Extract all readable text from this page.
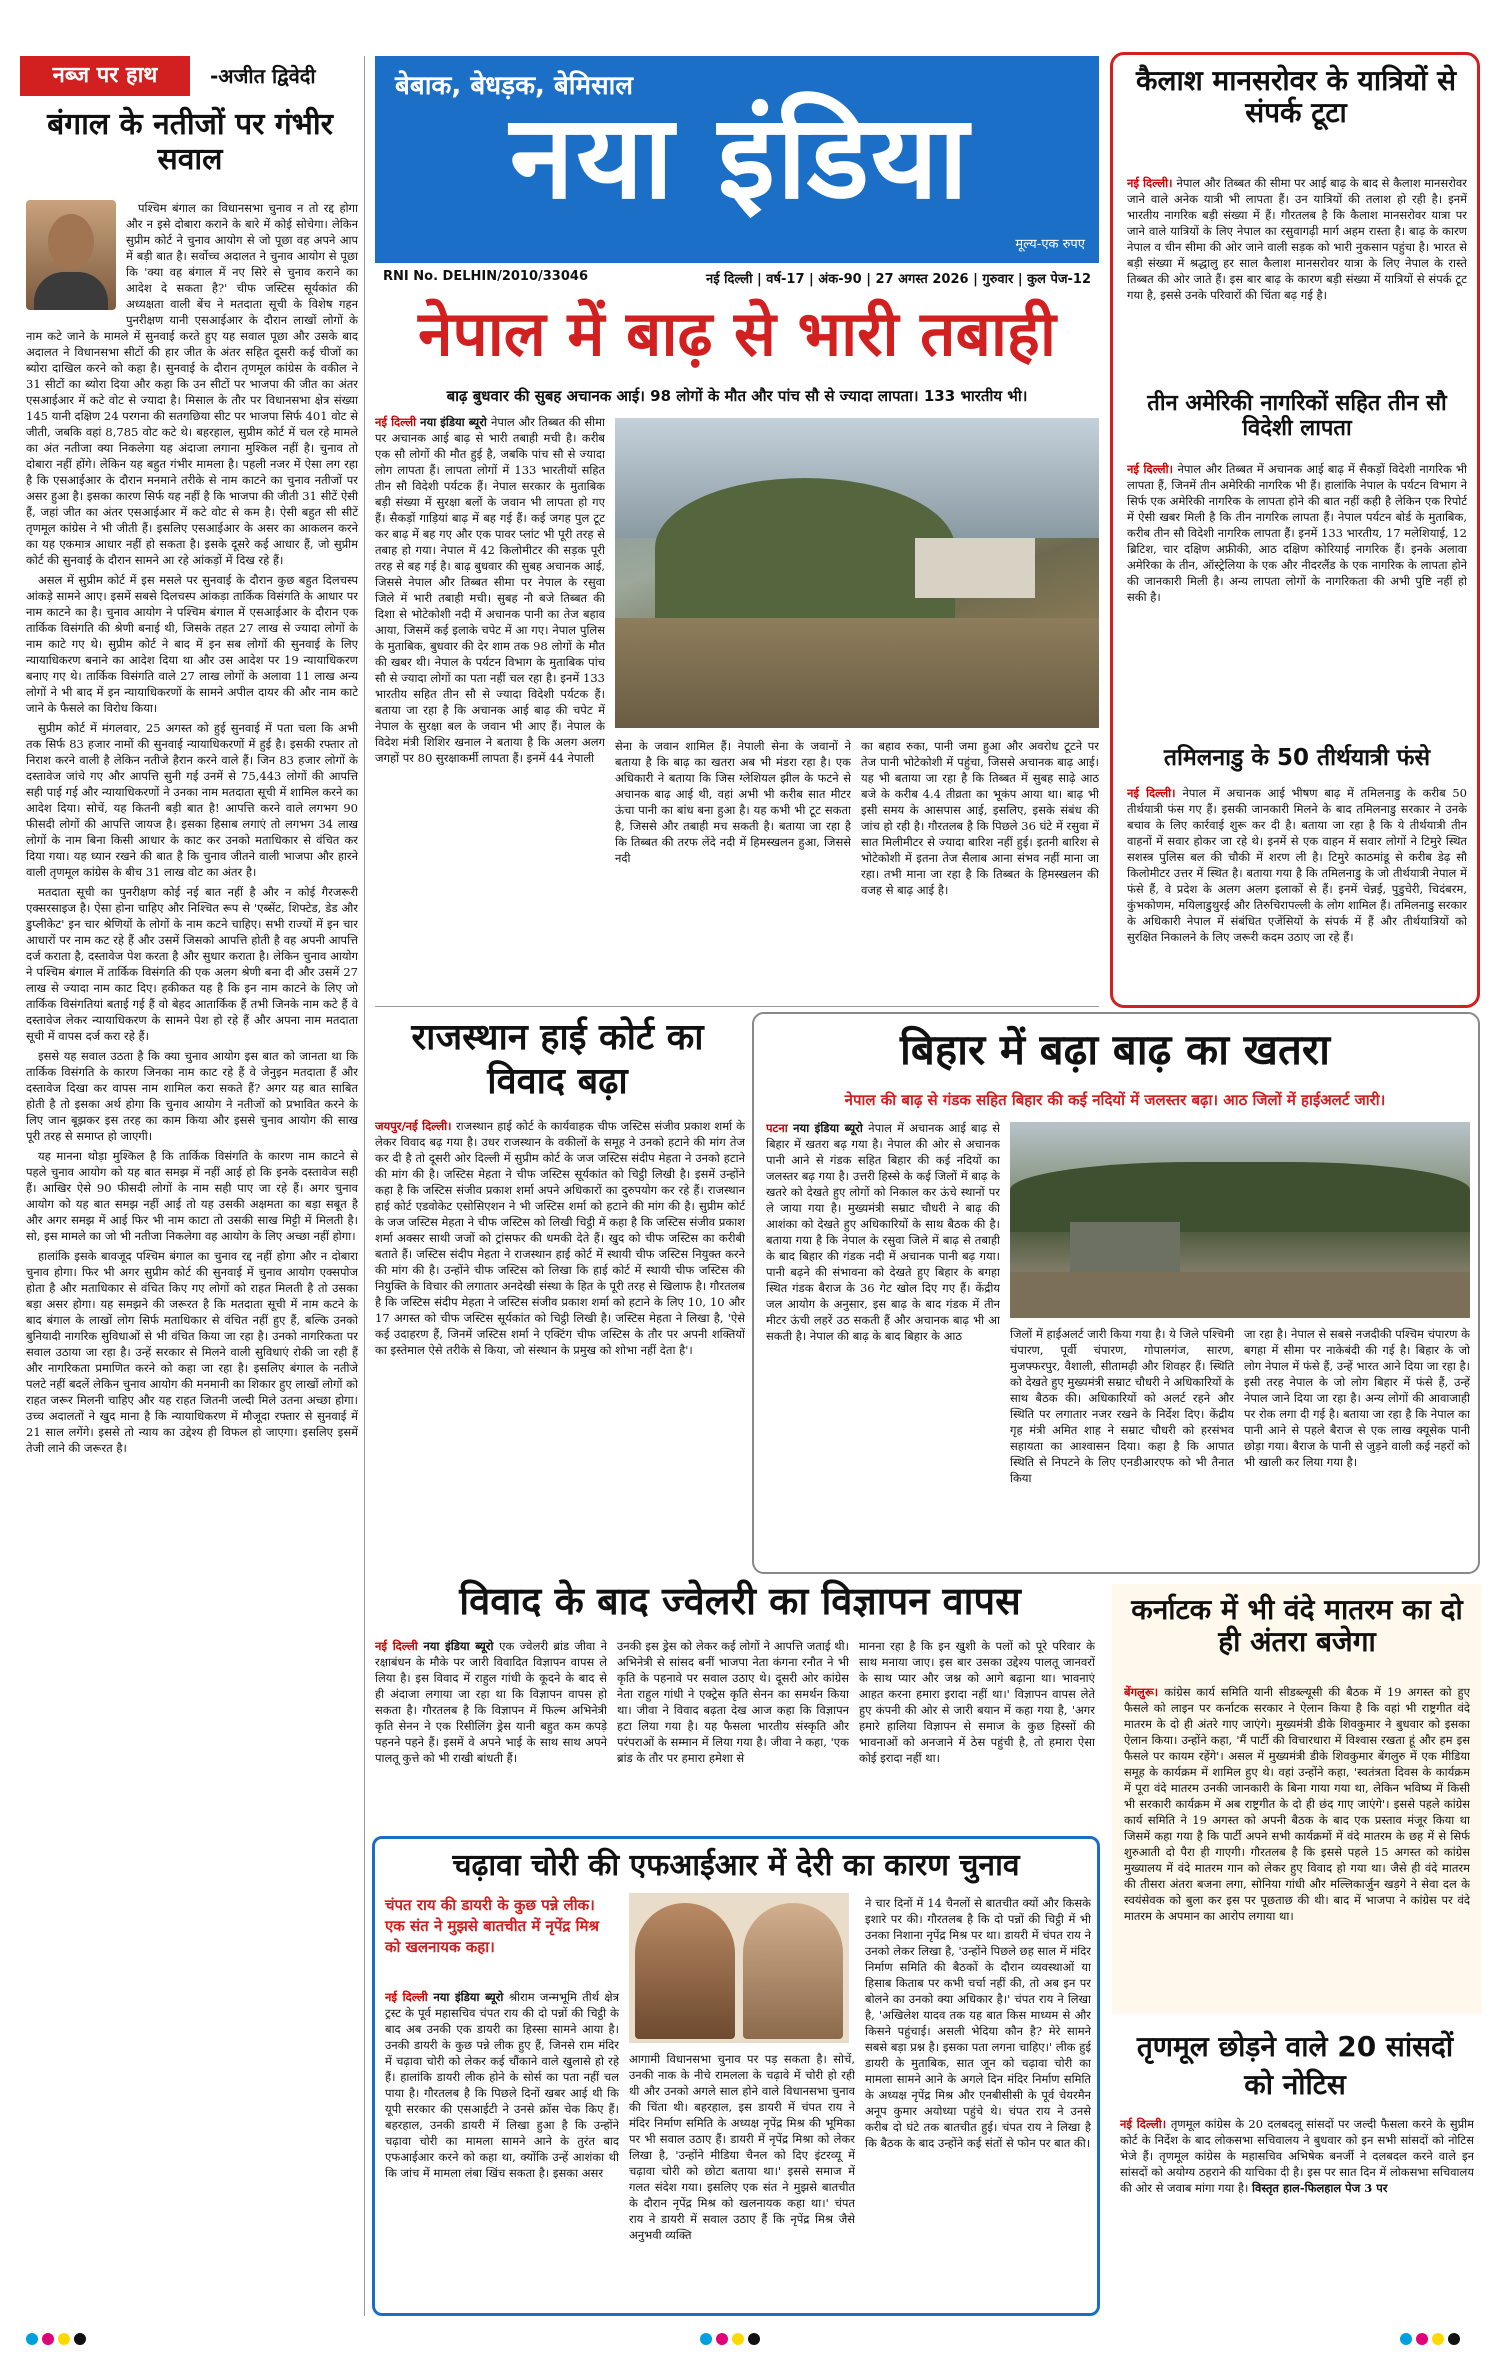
बेबाक, बेधड़क, बेमिसाल
नया इंडिया
मूल्य-एक रुपए
RNI No. DELHIN/2010/33046	नई दिल्ली | वर्ष-17 | अंक-90 | 27 अगस्त 2026 | गुरुवार | कुल पेज-12
नब्ज पर हाथ	-अजीत द्विवेदी
बंगाल के नतीजों पर गंभीर सवाल

पश्चिम बंगाल का विधानसभा चुनाव न तो रद्द होगा और न इसे दोबारा कराने के बारे में कोई सोचेगा। लेकिन सुप्रीम कोर्ट ने चुनाव आयोग से जो पूछा वह अपने आप में बड़ी बात है। सर्वोच्च अदालत ने चुनाव आयोग से पूछा कि 'क्या वह बंगाल में नए सिरे से चुनाव कराने का आदेश दे सकता है?' चीफ जस्टिस सूर्यकांत की अध्यक्षता वाली बेंच ने मतदाता सूची के विशेष गहन पुनरीक्षण यानी एसआईआर के दौरान लाखों लोगों के नाम कटे जाने के मामले में सुनवाई करते हुए यह सवाल पूछा और उसके बाद अदालत ने विधानसभा सीटों की हार जीत के अंतर सहित दूसरी कई चीजों का ब्योरा दाखिल करने को कहा है। सुनवाई के दौरान तृणमूल कांग्रेस के वकील ने 31 सीटों का ब्योरा दिया और कहा कि उन सीटों पर भाजपा की जीत का अंतर एसआईआर में कटे वोट से ज्यादा है। मिसाल के तौर पर विधानसभा क्षेत्र संख्या 145 यानी दक्षिण 24 परगना की सतगछिया सीट पर भाजपा सिर्फ 401 वोट से जीती, जबकि वहां 8,785 वोट कटे थे। बहरहाल, सुप्रीम कोर्ट में चल रहे मामले का अंत नतीजा क्या निकलेगा यह अंदाजा लगाना मुश्किल नहीं है। चुनाव तो दोबारा नहीं होंगे। लेकिन यह बहुत गंभीर मामला है। पहली नजर में ऐसा लग रहा है कि एसआईआर के दौरान मनमाने तरीके से नाम काटने का चुनाव नतीजों पर असर हुआ है। इसका कारण सिर्फ यह नहीं है कि भाजपा की जीती 31 सीटें ऐसी हैं, जहां जीत का अंतर एसआईआर में कटे वोट से कम है। ऐसी बहुत सी सीटें तृणमूल कांग्रेस ने भी जीती हैं। इसलिए एसआईआर के असर का आकलन करने का यह एकमात्र आधार नहीं हो सकता है। इसके दूसरे कई आधार हैं, जो सुप्रीम कोर्ट की सुनवाई के दौरान सामने आ रहे आंकड़ों में दिख रहे हैं।

असल में सुप्रीम कोर्ट में इस मसले पर सुनवाई के दौरान कुछ बहुत दिलचस्प आंकड़े सामने आए। इसमें सबसे दिलचस्प आंकड़ा तार्किक विसंगति के आधार पर नाम काटने का है। चुनाव आयोग ने पश्चिम बंगाल में एसआईआर के दौरान एक तार्किक विसंगति की श्रेणी बनाई थी, जिसके तहत 27 लाख से ज्यादा लोगों के नाम काटे गए थे। सुप्रीम कोर्ट ने बाद में इन सब लोगों की सुनवाई के लिए न्यायाधिकरण बनाने का आदेश दिया था और उस आदेश पर 19 न्यायाधिकरण बनाए गए थे। तार्किक विसंगति वाले 27 लाख लोगों के अलावा 11 लाख अन्य लोगों ने भी बाद में इन न्यायाधिकरणों के सामने अपील दायर की और नाम काटे जाने के फैसले का विरोध किया।

सुप्रीम कोर्ट में मंगलवार, 25 अगस्त को हुई सुनवाई में पता चला कि अभी तक सिर्फ 83 हजार नामों की सुनवाई न्यायाधिकरणों में हुई है। इसकी रफ्तार तो निराश करने वाली है लेकिन नतीजे हैरान करने वाले हैं। जिन 83 हजार लोगों के दस्तावेज जांचे गए और आपत्ति सुनी गई उनमें से 75,443 लोगों की आपत्ति सही पाई गई और न्यायाधिकरणों ने उनका नाम मतदाता सूची में शामिल करने का आदेश दिया। सोचें, यह कितनी बड़ी बात है! आपत्ति करने वाले लगभग 90 फीसदी लोगों की आपत्ति जायज है। इसका हिसाब लगाएं तो लगभग 34 लाख लोगों के नाम बिना किसी आधार के काट कर उनको मताधिकार से वंचित कर दिया गया। यह ध्यान रखने की बात है कि चुनाव जीतने वाली भाजपा और हारने वाली तृणमूल कांग्रेस के बीच 31 लाख वोट का अंतर है।

मतदाता सूची का पुनरीक्षण कोई नई बात नहीं है और न कोई गैरजरूरी एक्सरसाइज है। ऐसा होना चाहिए और निश्चित रूप से 'एब्सेंट, शिफ्टेड, डेड और डुप्लीकेट' इन चार श्रेणियों के लोगों के नाम कटने चाहिए। सभी राज्यों में इन चार आधारों पर नाम कट रहे हैं और उसमें जिसको आपत्ति होती है वह अपनी आपत्ति दर्ज कराता है, दस्तावेज पेश करता है और सुधार कराता है। लेकिन चुनाव आयोग ने पश्चिम बंगाल में तार्किक विसंगति की एक अलग श्रेणी बना दी और उसमें 27 लाख से ज्यादा नाम काट दिए। हकीकत यह है कि इन नाम काटने के लिए जो तार्किक विसंगतियां बताई गई हैं वो बेहद आतार्किक हैं तभी जिनके नाम कटे हैं वे दस्तावेज लेकर न्यायाधिकरण के सामने पेश हो रहे हैं और अपना नाम मतदाता सूची में वापस दर्ज करा रहे हैं।

इससे यह सवाल उठता है कि क्या चुनाव आयोग इस बात को जानता था कि तार्किक विसंगति के कारण जिनका नाम काट रहे हैं वे जेनुइन मतदाता हैं और दस्तावेज दिखा कर वापस नाम शामिल करा सकते हैं? अगर यह बात साबित होती है तो इसका अर्थ होगा कि चुनाव आयोग ने नतीजों को प्रभावित करने के लिए जान बूझकर इस तरह का काम किया और इससे चुनाव आयोग की साख पूरी तरह से समाप्त हो जाएगी।

यह मानना थोड़ा मुश्किल है कि तार्किक विसंगति के कारण नाम काटने से पहले चुनाव आयोग को यह बात समझ में नहीं आई हो कि इनके दस्तावेज सही हैं। आखिर ऐसे 90 फीसदी लोगों के नाम सही पाए जा रहे हैं। अगर चुनाव आयोग को यह बात समझ नहीं आई तो यह उसकी अक्षमता का बड़ा सबूत है और अगर समझ में आई फिर भी नाम काटा तो उसकी साख मिट्टी में मिलती है। सो, इस मामले का जो भी नतीजा निकलेगा वह आयोग के लिए अच्छा नहीं होगा।

हालांकि इसके बावजूद पश्चिम बंगाल का चुनाव रद्द नहीं होगा और न दोबारा चुनाव होगा। फिर भी अगर सुप्रीम कोर्ट की सुनवाई में चुनाव आयोग एक्सपोज होता है और मताधिकार से वंचित किए गए लोगों को राहत मिलती है तो उसका बड़ा असर होगा। यह समझने की जरूरत है कि मतदाता सूची में नाम कटने के बाद बंगाल के लाखों लोग सिर्फ मताधिकार से वंचित नहीं हुए हैं, बल्कि उनको बुनियादी नागरिक सुविधाओं से भी वंचित किया जा रहा है। उनको नागरिकता पर सवाल उठाया जा रहा है। उन्हें सरकार से मिलने वाली सुविधाएं रोकी जा रही हैं और नागरिकता प्रमाणित करने को कहा जा रहा है। इसलिए बंगाल के नतीजे पलटे नहीं बदलें लेकिन चुनाव आयोग की मनमानी का शिकार हुए लाखों लोगों को राहत जरूर मिलनी चाहिए और यह राहत जितनी जल्दी मिले उतना अच्छा होगा। उच्च अदालतों ने खुद माना है कि न्यायाधिकरण में मौजूदा रफ्तार से सुनवाई में 21 साल लगेंगे। इससे तो न्याय का उद्देश्य ही विफल हो जाएगा। इसलिए इसमें तेजी लाने की जरूरत है।

कैलाश मानसरोवर के यात्रियों से संपर्क टूटा
नई दिल्ली। नेपाल और तिब्बत की सीमा पर आई बाढ़ के बाद से कैलाश मानसरोवर जाने वाले अनेक यात्री भी लापता हैं। उन यात्रियों की तलाश हो रही है। इनमें भारतीय नागरिक बड़ी संख्या में हैं। गौरतलब है कि कैलाश मानसरोवर यात्रा पर जाने वाले यात्रियों के लिए नेपाल का रसुवागढ़ी मार्ग अहम रास्ता है। बाढ़ के कारण नेपाल व चीन सीमा की ओर जाने वाली सड़क को भारी नुकसान पहुंचा है। भारत से बड़ी संख्या में श्रद्धालु हर साल कैलाश मानसरोवर यात्रा के लिए नेपाल के रास्ते तिब्बत की ओर जाते हैं। इस बार बाढ़ के कारण बड़ी संख्या में यात्रियों से संपर्क टूट गया है, इससे उनके परिवारों की चिंता बढ़ गई है।
तीन अमेरिकी नागरिकों सहित तीन सौ विदेशी लापता
नई दिल्ली। नेपाल और तिब्बत में अचानक आई बाढ़ में सैकड़ों विदेशी नागरिक भी लापता हैं, जिनमें तीन अमेरिकी नागरिक भी हैं। हालांकि नेपाल के पर्यटन विभाग ने सिर्फ एक अमेरिकी नागरिक के लापता होने की बात नहीं कही है लेकिन एक रिपोर्ट में ऐसी खबर मिली है कि तीन नागरिक लापता हैं। नेपाल पर्यटन बोर्ड के मुताबिक, करीब तीन सौ विदेशी नागरिक लापता हैं। इनमें 133 भारतीय, 17 मलेशियाई, 12 ब्रिटिश, चार दक्षिण अफ्रीकी, आठ दक्षिण कोरियाई नागरिक हैं। इनके अलावा अमेरिका के तीन, ऑस्ट्रेलिया के एक और नीदरलैंड के एक नागरिक के लापता होने की जानकारी मिली है। अन्य लापता लोगों के नागरिकता की अभी पुष्टि नहीं हो सकी है।
तमिलनाडु के 50 तीर्थयात्री फंसे
नई दिल्ली। नेपाल में अचानक आई भीषण बाढ़ में तमिलनाडु के करीब 50 तीर्थयात्री फंस गए हैं। इसकी जानकारी मिलने के बाद तमिलनाडु सरकार ने उनके बचाव के लिए कार्रवाई शुरू कर दी है। बताया जा रहा है कि ये तीर्थयात्री तीन वाहनों में सवार होकर जा रहे थे। इनमें से एक वाहन में सवार लोगों ने टिमुरे स्थित सशस्त्र पुलिस बल की चौकी में शरण ली है। टिमुरे काठमांडू से करीब डेढ़ सौ किलोमीटर उत्तर में स्थित है। बताया गया है कि तमिलनाडु के जो तीर्थयात्री नेपाल में फंसे हैं, वे प्रदेश के अलग अलग इलाकों से हैं। इनमें चेन्नई, पुडुचेरी, चिदंबरम, कुंभकोणम, मयिलाडुथुरई और तिरुचिरापल्ली के लोग शामिल हैं। तमिलनाडु सरकार के अधिकारी नेपाल में संबंधित एजेंसियों के संपर्क में हैं और तीर्थयात्रियों को सुरक्षित निकालने के लिए जरूरी कदम उठाए जा रहे हैं।
नेपाल में बाढ़ से भारी तबाही
बाढ़ बुधवार की सुबह अचानक आई। 98 लोगों के मौत और पांच सौ से ज्यादा लापता। 133 भारतीय भी।
नई दिल्ली नया इंडिया ब्यूरो नेपाल और तिब्बत की सीमा पर अचानक आई बाढ़ से भारी तबाही मची है। करीब एक सौ लोगों की मौत हुई है, जबकि पांच सौ से ज्यादा लोग लापता हैं। लापता लोगों में 133 भारतीयों सहित तीन सौ विदेशी पर्यटक हैं। नेपाल सरकार के मुताबिक बड़ी संख्या में सुरक्षा बलों के जवान भी लापता हो गए हैं। सैकड़ों गाड़ियां बाढ़ में बह गई हैं। कई जगह पुल टूट कर बाढ़ में बह गए और एक पावर प्लांट भी पूरी तरह से तबाह हो गया। नेपाल में 42 किलोमीटर की सड़क पूरी तरह से बह गई है। बाढ़ बुधवार की सुबह अचानक आई, जिससे नेपाल और तिब्बत सीमा पर नेपाल के रसुवा जिले में भारी तबाही मची। सुबह नौ बजे तिब्बत की दिशा से भोटेकोशी नदी में अचानक पानी का तेज बहाव आया, जिसमें कई इलाके चपेट में आ गए। नेपाल पुलिस के मुताबिक, बुधवार की देर शाम तक 98 लोगों के मौत की खबर थी। नेपाल के पर्यटन विभाग के मुताबिक पांच सौ से ज्यादा लोगों का पता नहीं चल रहा है। इनमें 133 भारतीय सहित तीन सौ से ज्यादा विदेशी पर्यटक हैं। बताया जा रहा है कि अचानक आई बाढ़ की चपेट में नेपाल के सुरक्षा बल के जवान भी आए हैं। नेपाल के विदेश मंत्री शिशिर खनाल ने बताया है कि अलग अलग जगहों पर 80 सुरक्षाकर्मी लापता हैं। इनमें 44 नेपाली
सेना के जवान शामिल हैं। नेपाली सेना के जवानों ने बताया है कि बाढ़ का खतरा अब भी मंडरा रहा है। एक अधिकारी ने बताया कि जिस ग्लेशियल झील के फटने से अचानक बाढ़ आई थी, वहां अभी भी करीब सात मीटर ऊंचा पानी का बांध बना हुआ है। यह कभी भी टूट सकता है, जिससे और तबाही मच सकती है। बताया जा रहा है कि तिब्बत की तरफ लेंदे नदी में हिमस्खलन हुआ, जिससे नदी
का बहाव रुका, पानी जमा हुआ और अवरोध टूटने पर तेज पानी भोटेकोशी में पहुंचा, जिससे अचानक बाढ़ आई। यह भी बताया जा रहा है कि तिब्बत में सुबह साढ़े आठ बजे के करीब 4.4 तीव्रता का भूकंप आया था। बाढ़ भी इसी समय के आसपास आई, इसलिए, इसके संबंध की जांच हो रही है। गौरतलब है कि पिछले 36 घंटे में रसुवा में सात मिलीमीटर से ज्यादा बारिश नहीं हुई। इतनी बारिश से भोटेकोशी में इतना तेज सैलाब आना संभव नहीं माना जा रहा। तभी माना जा रहा है कि तिब्बत के हिमस्खलन की वजह से बाढ़ आई है।
राजस्थान हाई कोर्ट का विवाद बढ़ा
जयपुर/नई दिल्ली। राजस्थान हाई कोर्ट के कार्यवाहक चीफ जस्टिस संजीव प्रकाश शर्मा के लेकर विवाद बढ़ गया है। उधर राजस्थान के वकीलों के समूह ने उनको हटाने की मांग तेज कर दी है तो दूसरी ओर दिल्ली में सुप्रीम कोर्ट के जज जस्टिस संदीप मेहता ने उनको हटाने की मांग की है। जस्टिस मेहता ने चीफ जस्टिस सूर्यकांत को चिट्ठी लिखी है। इसमें उन्होंने कहा है कि जस्टिस संजीव प्रकाश शर्मा अपने अधिकारों का दुरुपयोग कर रहे हैं। राजस्थान हाई कोर्ट एडवोकेट एसोसिएशन ने भी जस्टिस शर्मा को हटाने की मांग की है। सुप्रीम कोर्ट के जज जस्टिस मेहता ने चीफ जस्टिस को लिखी चिट्ठी में कहा है कि जस्टिस संजीव प्रकाश शर्मा अक्सर साथी जजों को ट्रांसफर की धमकी देते हैं। खुद को चीफ जस्टिस का करीबी बताते हैं। जस्टिस संदीप मेहता ने राजस्थान हाई कोर्ट में स्थायी चीफ जस्टिस नियुक्त करने की मांग की है। उन्होंने चीफ जस्टिस को लिखा कि हाई कोर्ट में स्थायी चीफ जस्टिस की नियुक्ति के विचार की लगातार अनदेखी संस्था के हित के पूरी तरह से खिलाफ है। गौरतलब है कि जस्टिस संदीप मेहता ने जस्टिस संजीव प्रकाश शर्मा को हटाने के लिए 10, 10 और 17 अगस्त को चीफ जस्टिस सूर्यकांत को चिट्ठी लिखी है। जस्टिस मेहता ने लिखा है, 'ऐसे कई उदाहरण हैं, जिनमें जस्टिस शर्मा ने एक्टिंग चीफ जस्टिस के तौर पर अपनी शक्तियों का इस्तेमाल ऐसे तरीके से किया, जो संस्थान के प्रमुख को शोभा नहीं देता है'।
बिहार में बढ़ा बाढ़ का खतरा
नेपाल की बाढ़ से गंडक सहित बिहार की कई नदियों में जलस्तर बढ़ा। आठ जिलों में हाईअलर्ट जारी।
पटना नया इंडिया ब्यूरो नेपाल में अचानक आई बाढ़ से बिहार में खतरा बढ़ गया है। नेपाल की ओर से अचानक पानी आने से गंडक सहित बिहार की कई नदियों का जलस्तर बढ़ गया है। उत्तरी हिस्से के कई जिलों में बाढ़ के खतरे को देखते हुए लोगों को निकाल कर ऊंचे स्थानों पर ले जाया गया है। मुख्यमंत्री सम्राट चौधरी ने बाढ़ की आशंका को देखते हुए अधिकारियों के साथ बैठक की है। बताया गया है कि नेपाल के रसुवा जिले में बाढ़ से तबाही के बाद बिहार की गंडक नदी में अचानक पानी बढ़ गया। पानी बढ़ने की संभावना को देखते हुए बिहार के बगहा स्थित गंडक बैराज के 36 गेट खोल दिए गए हैं। केंद्रीय जल आयोग के अनुसार, इस बाढ़ के बाद गंडक में तीन मीटर ऊंची लहरें उठ सकती हैं और अचानक बाढ़ भी आ सकती है। नेपाल की बाढ़ के बाद बिहार के आठ	जिलों में हाईअलर्ट जारी किया गया है। ये जिले पश्चिमी चंपारण, पूर्वी चंपारण, गोपालगंज, सारण, मुजफ्फरपुर, वैशाली, सीतामढ़ी और शिवहर हैं। स्थिति को देखते हुए मुख्यमंत्री सम्राट चौधरी ने अधिकारियों के साथ बैठक की। अधिकारियों को अलर्ट रहने और स्थिति पर लगातार नजर रखने के निर्देश दिए। केंद्रीय गृह मंत्री अमित शाह ने सम्राट चौधरी को हरसंभव सहायता का आश्वासन दिया। कहा है कि आपात स्थिति से निपटने के लिए एनडीआरएफ को भी तैनात किया
जा रहा है। नेपाल से सबसे नजदीकी पश्चिम चंपारण के बगहा में सीमा पर नाकेबंदी की गई है। बिहार के जो लोग नेपाल में फंसे हैं, उन्हें भारत आने दिया जा रहा है। इसी तरह नेपाल के जो लोग बिहार में फंसे हैं, उन्हें नेपाल जाने दिया जा रहा है। अन्य लोगों की आवाजाही पर रोक लगा दी गई है। बताया जा रहा है कि नेपाल का पानी आने से पहले बैराज से एक लाख क्यूसेक पानी छोड़ा गया। बैराज के पानी से जुड़ने वाली कई नहरों को भी खाली कर लिया गया है।
विवाद के बाद ज्वेलरी का विज्ञापन वापस
नई दिल्ली नया इंडिया ब्यूरो एक ज्वेलरी ब्रांड जीवा ने रक्षाबंधन के मौके पर जारी विवादित विज्ञापन वापस ले लिया है। इस विवाद में राहुल गांधी के कूदने के बाद से ही अंदाजा लगाया जा रहा था कि विज्ञापन वापस हो सकता है। गौरतलब है कि विज्ञापन में फिल्म अभिनेत्री कृति सेनन ने एक रिसीलिंग ड्रेस यानी बहुत कम कपड़े पहनने पहने हैं। इसमें वे अपने भाई के साथ साथ अपने पालतू कुत्ते को भी राखी बांधती हैं।
उनकी इस ड्रेस को लेकर कई लोगों ने आपत्ति जताई थी। अभिनेत्री से सांसद बनीं भाजपा नेता कंगना रनौत ने भी कृति के पहनावे पर सवाल उठाए थे। दूसरी ओर कांग्रेस नेता राहुल गांधी ने एक्ट्रेस कृति सेनन का समर्थन किया था। जीवा ने विवाद बढ़ता देख आज कहा कि विज्ञापन हटा लिया गया है। यह फैसला भारतीय संस्कृति और परंपराओं के सम्मान में लिया गया है। जीवा ने कहा, 'एक ब्रांड के तौर पर हमारा हमेशा से
मानना रहा है कि इन खुशी के पलों को पूरे परिवार के साथ मनाया जाए। इस बार उसका उद्देश्य पालतू जानवरों के साथ प्यार और जश्न को आगे बढ़ाना था। भावनाएं आहत करना हमारा इरादा नहीं था।' विज्ञापन वापस लेते हुए कंपनी की ओर से जारी बयान में कहा गया है, 'अगर हमारे हालिया विज्ञापन से समाज के कुछ हिस्सों की भावनाओं को अनजाने में ठेस पहुंची है, तो हमारा ऐसा कोई इरादा नहीं था।
चढ़ावा चोरी की एफआईआर में देरी का कारण चुनाव
चंपत राय की डायरी के कुछ पन्ने लीक। एक संत ने मुझसे बातचीत में नृपेंद्र मिश्र को खलनायक कहा।
नई दिल्ली नया इंडिया ब्यूरो श्रीराम जन्मभूमि तीर्थ क्षेत्र ट्रस्ट के पूर्व महासचिव चंपत राय की दो पन्नों की चिट्ठी के बाद अब उनकी एक डायरी का हिस्सा सामने आया है। उनकी डायरी के कुछ पन्ने लीक हुए हैं, जिनसे राम मंदिर में चढ़ावा चोरी को लेकर कई चौंकाने वाले खुलासे हो रहे हैं। हालांकि डायरी लीक होने के सोर्स का पता नहीं चल पाया है। गौरतलब है कि पिछले दिनों खबर आई थी कि यूपी सरकार की एसआईटी ने उनसे क्रॉस चेक किए हैं। बहरहाल, उनकी डायरी में लिखा हुआ है कि उन्होंने चढ़ावा चोरी का मामला सामने आने के तुरंत बाद एफआईआर करने को कहा था, क्योंकि उन्हें आशंका थी कि जांच में मामला लंबा खिंच सकता है। इसका असर
आगामी विधानसभा चुनाव पर पड़ सकता है। सोचें, उनकी नाक के नीचे रामलला के चढ़ावे में चोरी हो रही थी और उनको अगले साल होने वाले विधानसभा चुनाव की चिंता थी। बहरहाल, इस डायरी में चंपत राय ने मंदिर निर्माण समिति के अध्यक्ष नृपेंद्र मिश्र की भूमिका पर भी सवाल उठाए हैं। डायरी में नृपेंद्र मिश्रा को लेकर लिखा है, 'उन्होंने मीडिया चैनल को दिए इंटरव्यू में चढ़ावा चोरी को छोटा बताया था।' इससे समाज में गलत संदेश गया। इसलिए एक संत ने मुझसे बातचीत के दौरान नृपेंद्र मिश्र को खलनायक कहा था।' चंपत राय ने डायरी में सवाल उठाए हैं कि नृपेंद्र मिश्र जैसे अनुभवी व्यक्ति
ने चार दिनों में 14 चैनलों से बातचीत क्यों और किसके इशारे पर की। गौरतलब है कि दो पन्नों की चिट्ठी में भी उनका निशाना नृपेंद्र मिश्र पर था। डायरी में चंपत राय ने उनको लेकर लिखा है, 'उन्होंने पिछले छह साल में मंदिर निर्माण समिति की बैठकों के दौरान व्यवस्थाओं या हिसाब किताब पर कभी चर्चा नहीं की, तो अब इन पर बोलने का उनको क्या अधिकार है।' चंपत राय ने लिखा है, 'अखिलेश यादव तक यह बात किस माध्यम से और किसने पहुंचाई। असली भेदिया कौन है? मेरे सामने सबसे बड़ा प्रश्न है। इसका पता लगना चाहिए।' लीक हुई डायरी के मुताबिक, सात जून को चढ़ावा चोरी का मामला सामने आने के अगले दिन मंदिर निर्माण समिति के अध्यक्ष नृपेंद्र मिश्र और एनबीसीसी के पूर्व चेयरमैन अनूप कुमार अयोध्या पहुंचे थे। चंपत राय ने उनसे करीब दो घंटे तक बातचीत हुई। चंपत राय ने लिखा है कि बैठक के बाद उन्होंने कई संतों से फोन पर बात की।
कर्नाटक में भी वंदे मातरम का दो ही अंतरा बजेगा
बेंगलुरू। कांग्रेस कार्य समिति यानी सीडब्ल्यूसी की बैठक में 19 अगस्त को हुए फैसले को लाइन पर कर्नाटक सरकार ने ऐलान किया है कि वहां भी राष्ट्रगीत वंदे मातरम के दो ही अंतरे गाए जाएंगे। मुख्यमंत्री डीके शिवकुमार ने बुधवार को इसका ऐलान किया। उन्होंने कहा, 'मैं पार्टी की विचारधारा में विश्वास रखता हूं और हम इस फैसले पर कायम रहेंगे'। असल में मुख्यमंत्री डीके शिवकुमार बेंगलुरु में एक मीडिया समूह के कार्यक्रम में शामिल हुए थे। वहां उन्होंने कहा, 'स्वतंत्रता दिवस के कार्यक्रम में पूरा वंदे मातरम उनकी जानकारी के बिना गाया गया था, लेकिन भविष्य में किसी भी सरकारी कार्यक्रम में अब राष्ट्रगीत के दो ही छंद गाए जाएंगे'। इससे पहले कांग्रेस कार्य समिति ने 19 अगस्त को अपनी बैठक के बाद एक प्रस्ताव मंजूर किया था जिसमें कहा गया है कि पार्टी अपने सभी कार्यक्रमों में वंदे मातरम के छह में से सिर्फ शुरुआती दो पैरा ही गाएगी। गौरतलब है कि इससे पहले 15 अगस्त को कांग्रेस मुख्यालय में वंदे मातरम गान को लेकर हुए विवाद हो गया था। जैसे ही वंदे मातरम की तीसरा अंतरा बजना लगा, सोनिया गांधी और मल्लिकार्जुन खड़गे ने सेवा दल के स्वयंसेवक को बुला कर इस पर पूछताछ की थी। बाद में भाजपा ने कांग्रेस पर वंदे मातरम के अपमान का आरोप लगाया था।
तृणमूल छोड़ने वाले 20 सांसदों को नोटिस
नई दिल्ली। तृणमूल कांग्रेस के 20 दलबदलू सांसदों पर जल्दी फैसला करने के सुप्रीम कोर्ट के निर्देश के बाद लोकसभा सचिवालय ने बुधवार को इन सभी सांसदों को नोटिस भेजे हैं। तृणमूल कांग्रेस के महासचिव अभिषेक बनर्जी ने दलबदल करने वाले इन सांसदों को अयोग्य ठहराने की याचिका दी है। इस पर सात दिन में लोकसभा सचिवालय की ओर से जवाब मांगा गया है। विस्तृत हाल-फिलहाल पेज 3 पर
